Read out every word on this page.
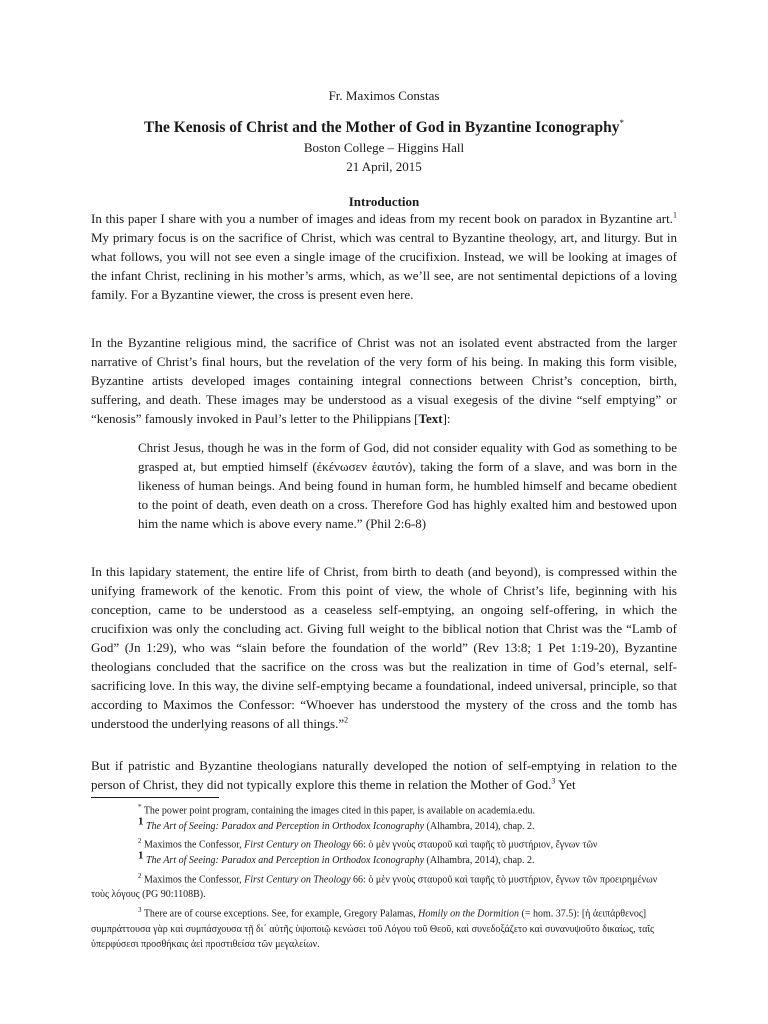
Fr. Maximos Constas
The Kenosis of Christ and the Mother of God in Byzantine Iconography*
Boston College – Higgins Hall
21 April, 2015
Introduction

In this paper I share with you a number of images and ideas from my recent book on paradox in Byzantine art.$^1$ My primary focus is on the sacrifice of Christ, which was central to Byzantine theology, art, and liturgy. But in what follows, you will not see even a single image of the crucifixion. Instead, we will be looking at images of the infant Christ, reclining in his mother’s arms, which, as we’ll see, are not sentimental depictions of a loving family. For a Byzantine viewer, the cross is present even here.

In the Byzantine religious mind, the sacrifice of Christ was not an isolated event abstracted from the larger narrative of Christ’s final hours, but the revelation of the very form of his being. In making this form visible, Byzantine artists developed images containing integral connections between Christ’s conception, birth, suffering, and death. These images may be understood as a visual exegesis of the divine “self emptying” or “kenosis” famously invoked in Paul’s letter to the Philippians [Text]:

Christ Jesus, though he was in the form of God, did not consider equality with God as something to be grasped at, but emptied himself (ἐκένωσεν ἑαυτόν), taking the form of a slave, and was born in the likeness of human beings. And being found in human form, he humbled himself and became obedient to the point of death, even death on a cross. Therefore God has highly exalted him and bestowed upon him the name which is above every name.” (Phil 2:6-8)

In this lapidary statement, the entire life of Christ, from birth to death (and beyond), is compressed within the unifying framework of the kenotic. From this point of view, the whole of Christ’s life, beginning with his conception, came to be understood as a ceaseless self-emptying, an ongoing self-offering, in which the crucifixion was only the concluding act. Giving full weight to the biblical notion that Christ was the “Lamb of God” (Jn 1:29), who was “slain before the foundation of the world” (Rev 13:8; 1 Pet 1:19-20), Byzantine theologians concluded that the sacrifice on the cross was but the realization in time of God’s eternal, self-sacrificing love. In this way, the divine self-emptying became a foundational, indeed universal, principle, so that according to Maximos the Confessor: “Whoever has understood the mystery of the cross and the tomb has understood the underlying reasons of all things.”$^2$

But if patristic and Byzantine theologians naturally developed the notion of self-emptying in relation to the person of Christ, they did not typically explore this theme in relation the Mother of God.$^3$ Yet

* The power point program, containing the images cited in this paper, is available on academia.edu.
1 The Art of Seeing: Paradox and Perception in Orthodox Iconography (Alhambra, 2014), chap. 2.
$^2$ Maximos the Confessor, First Century on Theology 66: ὁ μὲν γνοὺς σταυροῦ καὶ ταφῆς τὸ μυστήριον, ἔγνων τῶν
1 The Art of Seeing: Paradox and Perception in Orthodox Iconography (Alhambra, 2014), chap. 2.
$^2$ Maximos the Confessor, First Century on Theology 66: ὁ μὲν γνοὺς σταυροῦ καὶ ταφῆς τὸ μυστήριον, ἔγνων τῶν προειρημένων τοὺς λόγους (PG 90:1108B).
$^3$ There are of course exceptions. See, for example, Gregory Palamas, Homily on the Dormition (= hom. 37.5): [ἡ ἀειπάρθενος] συμπράττουσα γὰρ καὶ συμπάσχουσα τῇ δι΄ αὐτῆς ὑψοποιῷ κενώσει τοῦ Λόγου τοῦ Θεοῦ, καὶ συνεδοξάζετο καὶ συνανυψοῦτο δικαίως, ταῖς ὑπερφύσεσι προσθήκαις ἀεὶ προστιθείσα τῶν μεγαλείων.
